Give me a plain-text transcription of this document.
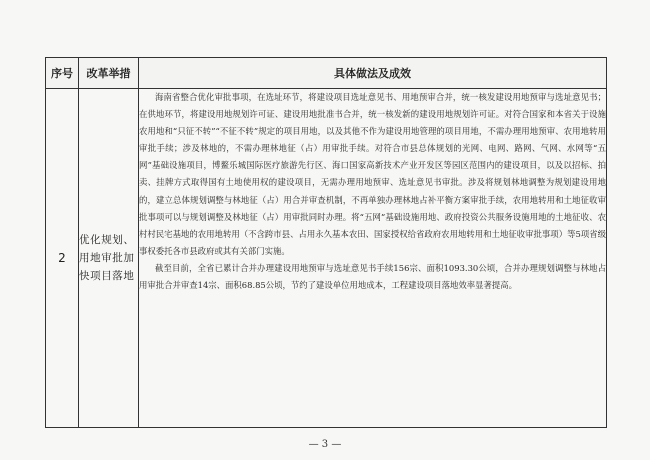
序号	改革举措	具体做法及成效
2	优化规划、用地审批加快项目落地	海南省整合优化审批事项，在选址环节，将建设项目选址意见书、用地预审合并，统一核发建设用地预审与选址意见书；在供地环节，将建设用地规划许可证、建设用地批准书合并，统一核发新的建设用地规划许可证。对符合国家和本省关于设施农用地和“只征不转”“不征不转”规定的项目用地，以及其他不作为建设用地管理的项目用地，不需办理用地预审、农用地转用审批手续；涉及林地的，不需办理林地征（占）用审批手续。对符合市县总体规划的光网、电网、路网、气网、水网等“五网”基础设施项目，博鳌乐城国际医疗旅游先行区、海口国家高新技术产业开发区等园区范围内的建设项目，以及以招标、拍卖、挂牌方式取得国有土地使用权的建设项目，无需办理用地预审、选址意见书审批。涉及将规划林地调整为规划建设用地的，建立总体规划调整与林地征（占）用合并审查机制，不再单独办理林地占补平衡方案审批手续，农用地转用和土地征收审批事项可以与规划调整及林地征（占）用审批同时办理。将“五网”基础设施用地、政府投资公共服务设施用地的土地征收、农村村民宅基地的农用地转用（不含跨市县、占用永久基本农田、国家授权给省政府农用地转用和土地征收审批事项）等5项省级事权委托各市县政府或其有关部门实施。

截至目前，全省已累计合并办理建设用地预审与选址意见书手续156宗、面积1093.30公顷，合并办理规划调整与林地占用审批合并审查14宗、面积68.85公顷，节约了建设单位用地成本，工程建设项目落地效率显著提高。

— 3 —
